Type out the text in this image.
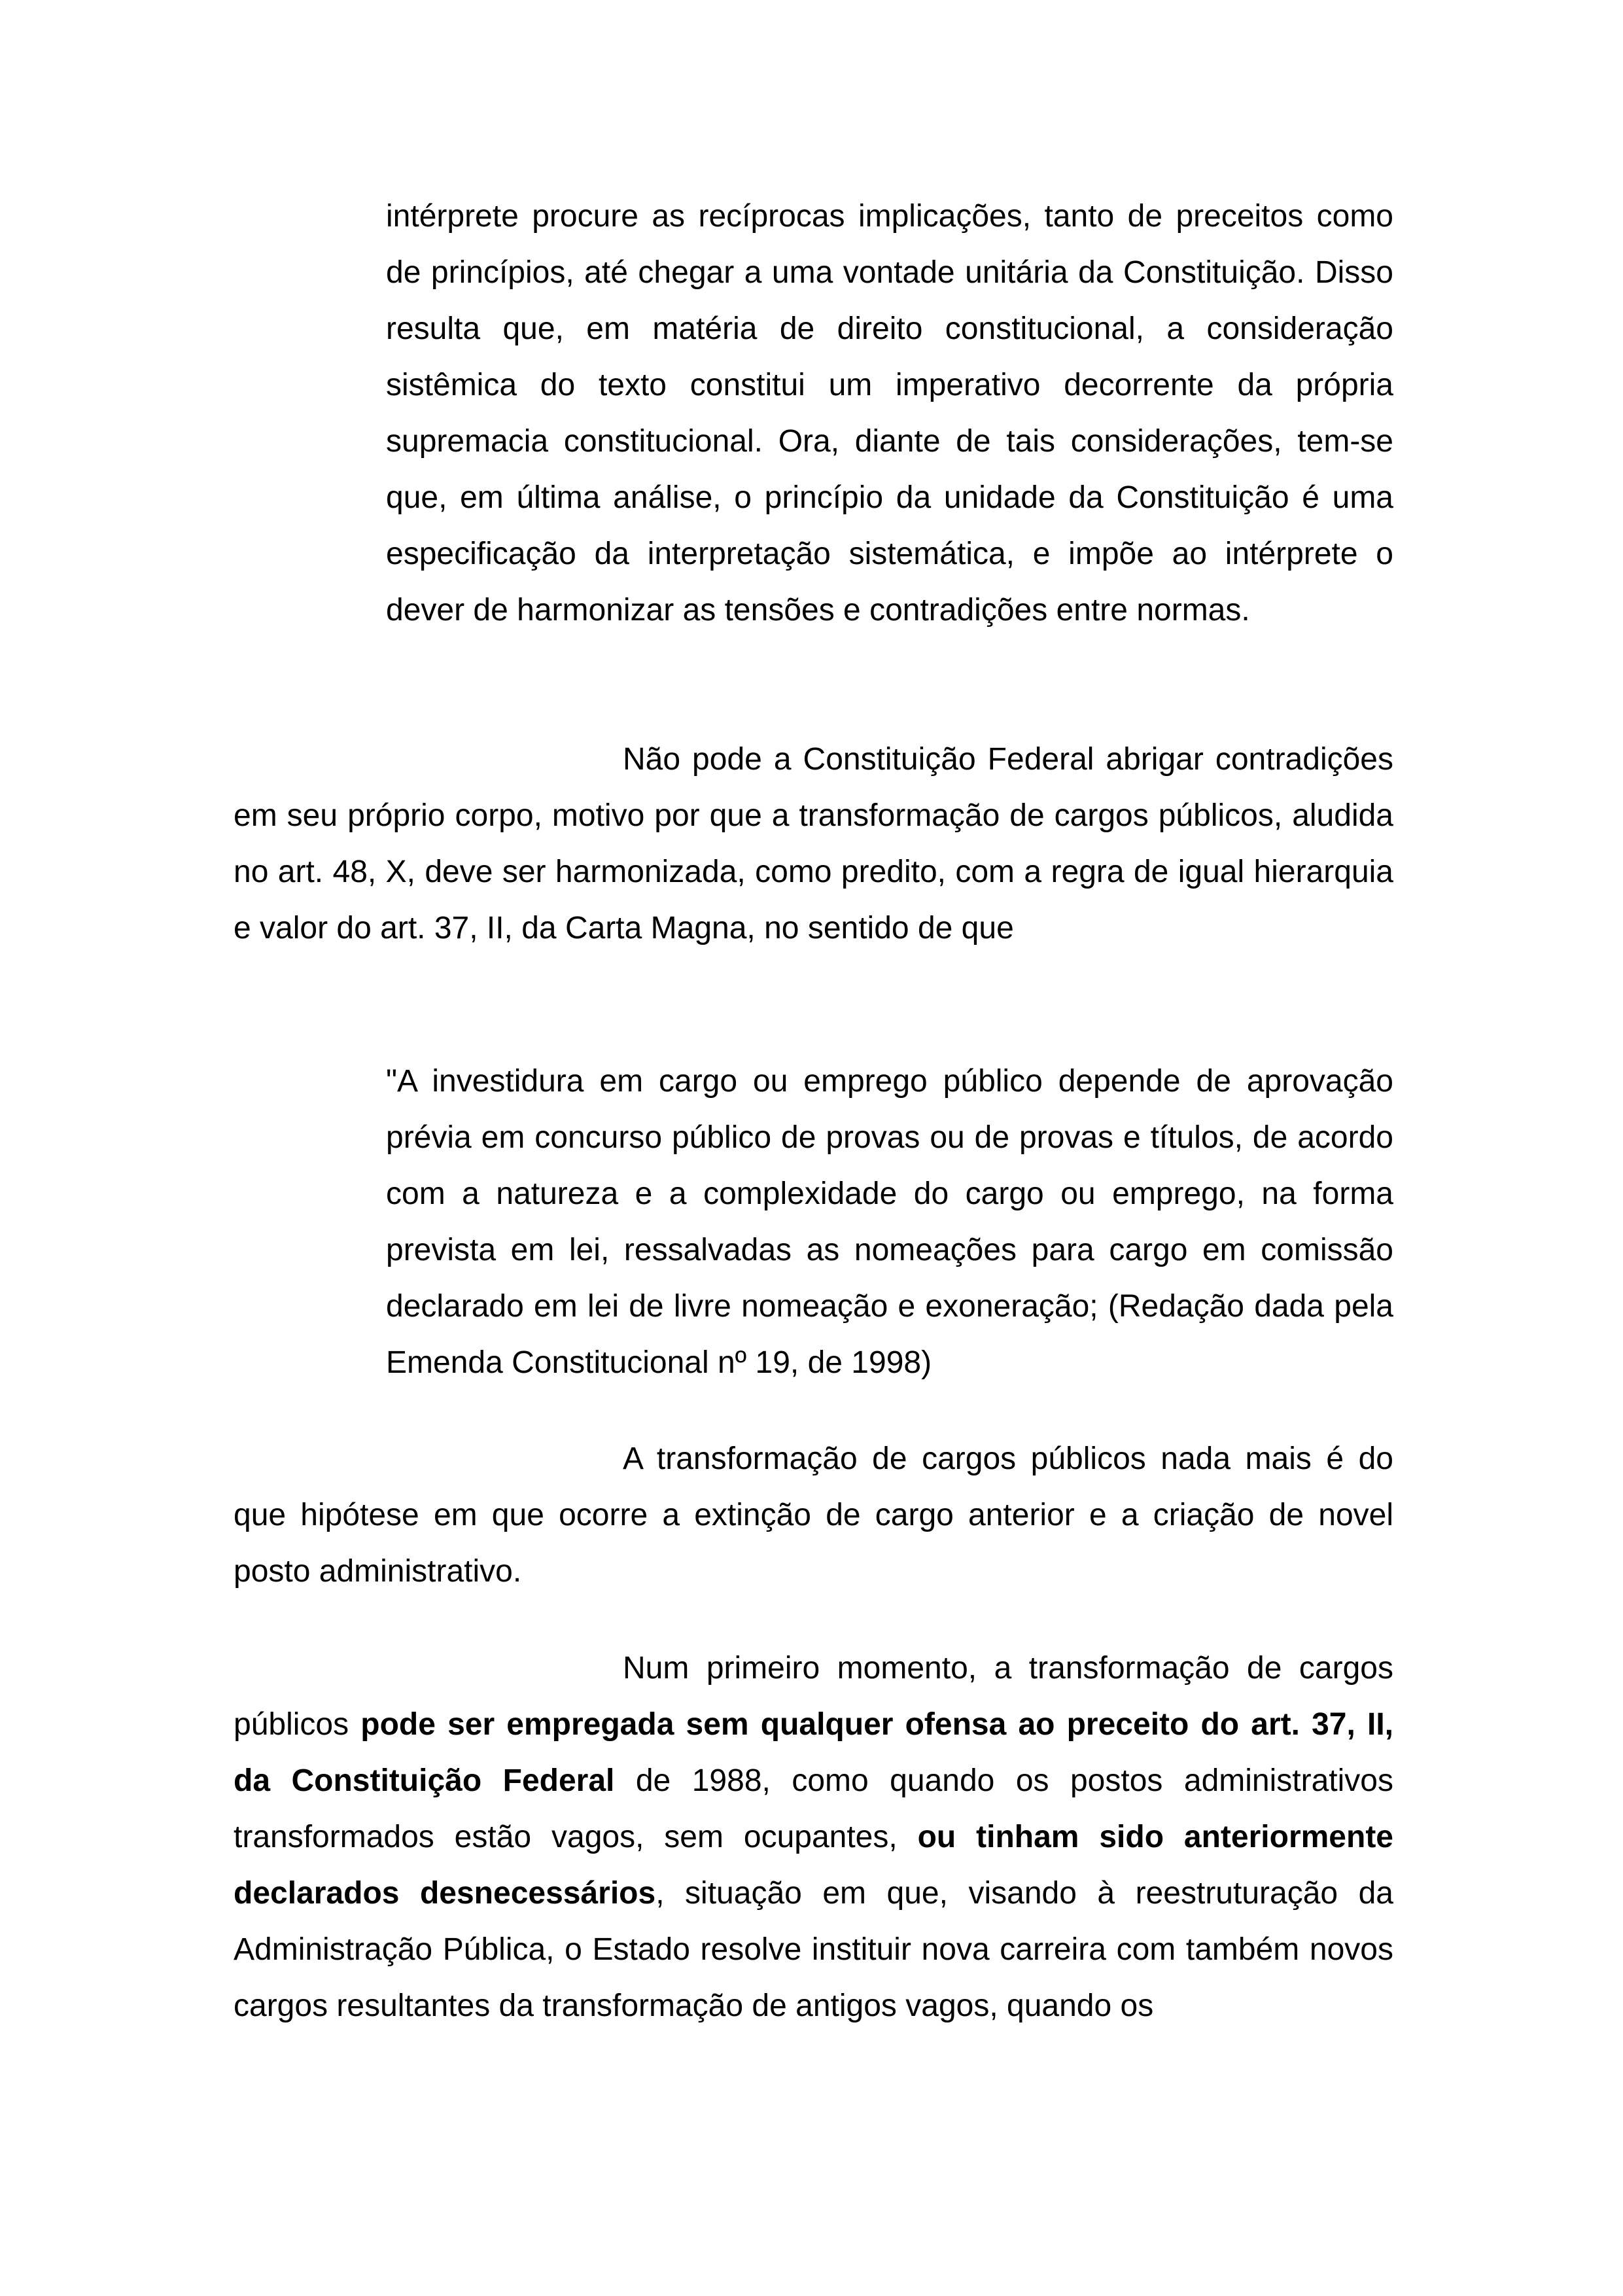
intérprete procure as recíprocas implicações, tanto de preceitos como de princípios, até chegar a uma vontade unitária da Constituição. Disso resulta que, em matéria de direito constitucional, a consideração sistêmica do texto constitui um imperativo decorrente da própria supremacia constitucional. Ora, diante de tais considerações, tem-se que, em última análise, o princípio da unidade da Constituição é uma especificação da interpretação sistemática, e impõe ao intérprete o dever de harmonizar as tensões e contradições entre normas.

Não pode a Constituição Federal abrigar contradições em seu próprio corpo, motivo por que a transformação de cargos públicos, aludida no art. 48, X, deve ser harmonizada, como predito, com a regra de igual hierarquia e valor do art. 37, II, da Carta Magna, no sentido de que

"A investidura em cargo ou emprego público depende de aprovação prévia em concurso público de provas ou de provas e títulos, de acordo com a natureza e a complexidade do cargo ou emprego, na forma prevista em lei, ressalvadas as nomeações para cargo em comissão declarado em lei de livre nomeação e exoneração; (Redação dada pela Emenda Constitucional nº 19, de 1998)

A transformação de cargos públicos nada mais é do que hipótese em que ocorre a extinção de cargo anterior e a criação de novel posto administrativo.

Num primeiro momento, a transformação de cargos públicos pode ser empregada sem qualquer ofensa ao preceito do art. 37, II, da Constituição Federal de 1988, como quando os postos administrativos transformados estão vagos, sem ocupantes, ou tinham sido anteriormente declarados desnecessários, situação em que, visando à reestruturação da Administração Pública, o Estado resolve instituir nova carreira com também novos cargos resultantes da transformação de antigos vagos, quando os
